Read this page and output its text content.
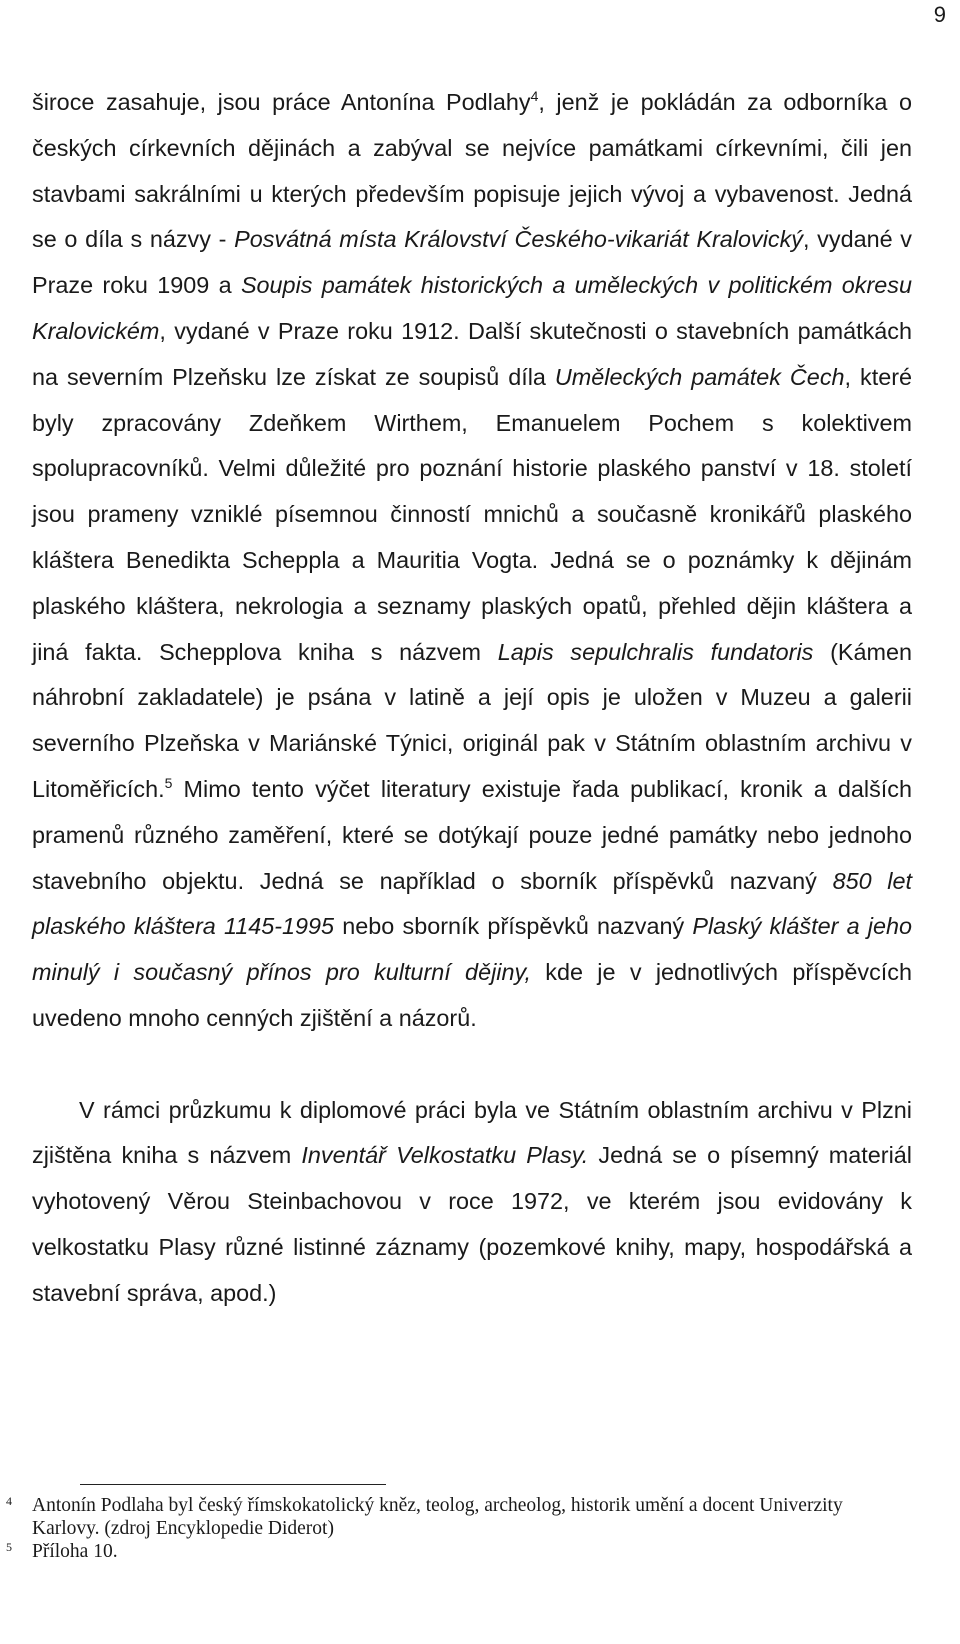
9

široce zasahuje, jsou práce Antonína Podlahy$^4$, jenž je pokládán za odborníka o českých církevních dějinách a zabýval se nejvíce památkami církevními, čili jen stavbami sakrálními u kterých především popisuje jejich vývoj a vybavenost. Jedná se o díla s názvy - Posvátná místa Království Českého-vikariát Kralovický, vydané v Praze roku 1909 a Soupis památek historických a uměleckých v politickém okresu Kralovickém, vydané v Praze roku 1912. Další skutečnosti o stavebních památkách na severním Plzeňsku lze získat ze soupisů díla Uměleckých památek Čech, které byly zpracovány Zdeňkem Wirthem, Emanuelem Pochem s kolektivem spolupracovníků. Velmi důležité pro poznání historie plaského panství v 18. století jsou prameny vzniklé písemnou činností mnichů a současně kronikářů plaského kláštera Benedikta Scheppla a Mauritia Vogta. Jedná se o poznámky k dějinám plaského kláštera, nekrologia a seznamy plaských opatů, přehled dějin kláštera a jiná fakta. Schepplova kniha s názvem Lapis sepulchralis fundatoris (Kámen náhrobní zakladatele) je psána v latině a její opis je uložen v Muzeu a galerii severního Plzeňska v Mariánské Týnici, originál pak v Státním oblastním archivu v Litoměřicích.$^5$ Mimo tento výčet literatury existuje řada publikací, kronik a dalších pramenů různého zaměření, které se dotýkají pouze jedné památky nebo jednoho stavebního objektu. Jedná se například o sborník příspěvků nazvaný 850 let plaského kláštera 1145-1995 nebo sborník příspěvků nazvaný Plaský klášter a jeho minulý i současný přínos pro kulturní dějiny, kde je v jednotlivých příspěvcích uvedeno mnoho cenných zjištění a názorů.

V rámci průzkumu k diplomové práci byla ve Státním oblastním archivu v Plzni zjištěna kniha s názvem Inventář Velkostatku Plasy. Jedná se o písemný materiál vyhotovený Věrou Steinbachovou v roce 1972, ve kterém jsou evidovány k velkostatku Plasy různé listinné záznamy (pozemkové knihy, mapy, hospodářská a stavební správa, apod.)

4 Antonín Podlaha byl český římskokatolický kněz, teolog, archeolog, historik umění a docent Univerzity Karlovy. (zdroj Encyklopedie Diderot)
5 Příloha 10.
